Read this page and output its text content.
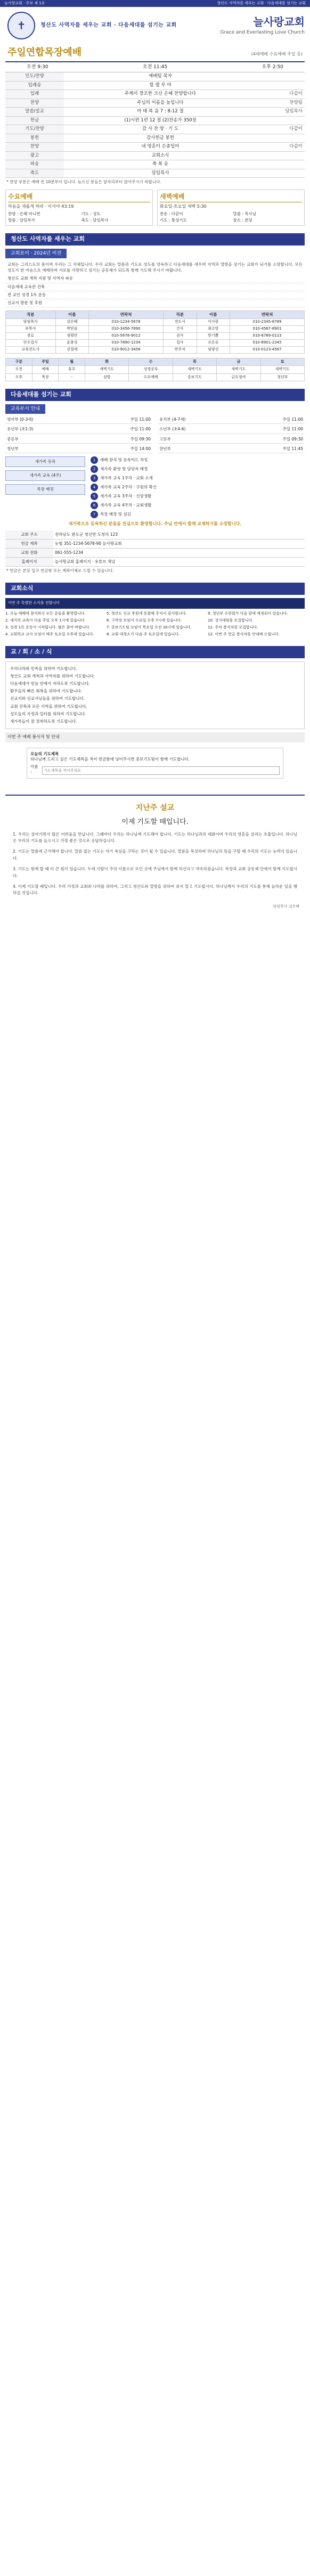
늘사랑교회 · 주보 제 1호	청산도 사역자를 세우는 교회 · 다음세대를 섬기는 교회
✝	청산도 사역자를 세우는 교회 · 다음세대를 섬기는 교회	늘사랑교회
Grace and Everlasting Love Church
주일연합목장예배	(4대예배 수요예배 주일 등)
오전 9:30	오전 11:45	오후 2:50
인도/찬양	예배팀 목자	
입례송	할 렐 루 야	
입례	주께서 창조한 크신 은혜 찬양합니다	다같이
찬양	주님의 이름을 높입니다	찬양팀
말씀/설교	마 태 복 음 7 : 8-12 절	담임목사
헌금	(1)시편 1편 12 절 (2)찬송가 350장	
기도/찬양	감 사 찬 양 · 기 도	다같이
봉헌	감사헌금 봉헌	
찬양	내 영혼이 은총입어	다같이
광고	교회소식	
파송	축 복 송	
축도	담임목사	
* 찬양 부분은 예배 전 10분부터 입니다. 늦으신 분들은 앞자리부터 앉아주시기 바랍니다.
수요예배
마음을 새롭게 하라 · 이사야 43:19
찬양 : 은혜 아니면	기도 : 성도
말씀 : 담임목사	축도 : 담임목사
새벽예배
화요일-토요일 새벽 5:30
찬송 : 다같이	말씀 : 목사님
기도 : 통성기도	장소 : 본당
청산도 사역자를 세우는 교회
교회표어 · 2024년 비전
교회는 그리스도의 몸이며 우리는 그 지체입니다. 우리 교회는 말씀과 기도로 성도를 양육하고 다음세대를 세우며 지역과 열방을 섬기는 교회가 되기를 소망합니다. 모든 성도가 한 마음으로 예배하며 서로를 사랑하고 섬기는 공동체가 되도록 함께 기도해 주시기 바랍니다.
청산도 교회 개척 지원 및 사역자 파송
다음세대 교육관 건축
전 교인 성경 1독 운동
선교지 방문 및 후원
직분	이름	연락처	직분	이름	연락처
담임목사	김은혜	010-1234-5678	전도사	이사랑	010-2345-6789
부목사	박믿음	010-3456-7890	간사	최소망	010-4567-8901
장로	정평안	010-5678-9012	권사	한기쁨	010-6789-0123
안수집사	윤충성	010-7890-1234	집사	조온유	010-8901-2345
교육전도사	강절제	010-9012-3456	반주자	임양선	010-0123-4567
구분	주일	월	화	수	목	금	토
오전	예배	휴무	새벽기도	성경공부	새벽기도	새벽기도	새벽기도
오후	목장	-	심방	수요예배	중보기도	금요철야	청년부
다음세대를 섬기는 교회
교육부서 안내
영아부 (0-3세)	주일 11:00 유치부 (4-7세)	주일 11:00
유년부 (초1-3)	주일 11:00 소년부 (초4-6)	주일 11:00
중등부	주일 09:30 고등부	주일 09:30
청년부	주일 14:00 장년부	주일 11:45
새가족 등록
새가족 교육 (4주)
목장 배정
1	예배 참석 및 등록카드 작성
2	새가족 환영 및 담당자 배정
3	새가족 교육 1주차 · 교회 소개
4	새가족 교육 2주차 · 구원의 확신
5	새가족 교육 3주차 · 신앙생활
6	새가족 교육 4주차 · 교회생활
7	목장 배정 및 섬김
새가족으로 등록하신 분들을 진심으로 환영합니다. 주님 안에서 함께 교제하기를 소망합니다.
교회 주소	전라남도 완도군 청산면 도청리 123
헌금 계좌	농협 351-1234-5678-90 늘사랑교회
교회 전화	061-555-1234
홈페이지	늘사랑교회 홈페이지 · 유튜브 채널
* 헌금은 본당 입구 헌금함 또는 계좌이체로 드릴 수 있습니다.
교회소식
이번 주 특별한 소식을 전합니다

1. 오늘 예배에 참석하신 모든 분들을 환영합니다.

2. 새가족 교육이 다음 주일 오후 1시에 있습니다.

3. 성경 1독 운동이 시작됩니다. 많은 참여 바랍니다.

4. 교회학교 교사 모임이 매주 토요일 오후에 있습니다.

5. 청산도 선교 후원에 동참해 주셔서 감사합니다.

6. 구역장 모임이 수요일 오후 7시에 있습니다.

7. 중보기도팀 모임이 목요일 오전 10시에 있습니다.

8. 교회 대청소가 다음 주 토요일에 있습니다.

9. 청년부 수련회가 다음 달에 예정되어 있습니다.

10. 성가대원을 모집합니다.

11. 주차 봉사자를 모집합니다.

12. 이번 주 헌금 봉사자를 안내해 드립니다.

교 / 회 / 소 / 식
우리나라와 민족을 위하여 기도합니다.
청산도 교회 개척과 사역자를 위하여 기도합니다.
다음세대가 믿음 안에서 자라도록 기도합니다.
환우들의 빠른 회복을 위하여 기도합니다.
선교지와 선교사님들을 위하여 기도합니다.
교회 건축과 모든 사역을 위하여 기도합니다.
성도들의 가정과 일터를 위하여 기도합니다.
새가족들이 잘 정착하도록 기도합니다.
이번 주 예배 봉사자 및 안내
오늘의 기도제목
하나님께 드리고 싶은 기도제목을 적어 헌금함에 넣어주시면 중보기도팀이 함께 기도합니다.
이름 :
기도제목을 적어주세요
지난주 설교
이제 기도할 때입니다.

1. 우리는 살아가면서 많은 어려움을 만납니다. 그때마다 우리는 하나님께 기도해야 합니다. 기도는 하나님과의 대화이며 우리의 영혼을 살리는 호흡입니다. 하나님은 우리의 기도를 들으시고 가장 좋은 것으로 응답하십니다.

2. 기도는 말씀에 근거해야 합니다. 말씀 없는 기도는 자기 욕심을 구하는 것이 될 수 있습니다. 말씀을 묵상하며 하나님의 뜻을 구할 때 우리의 기도는 능력이 있습니다.

3. 기도는 함께 할 때 더 큰 힘이 있습니다. 두세 사람이 주의 이름으로 모인 곳에 주님께서 함께 하신다고 약속하셨습니다. 목장과 교회 공동체 안에서 함께 기도합시다.

4. 이제 기도할 때입니다. 우리 가정과 교회와 나라를 위하여, 그리고 청산도와 열방을 위하여 쉬지 말고 기도합시다. 하나님께서 우리의 기도를 통해 놀라운 일을 행하실 것입니다.

담임목사 김은혜
